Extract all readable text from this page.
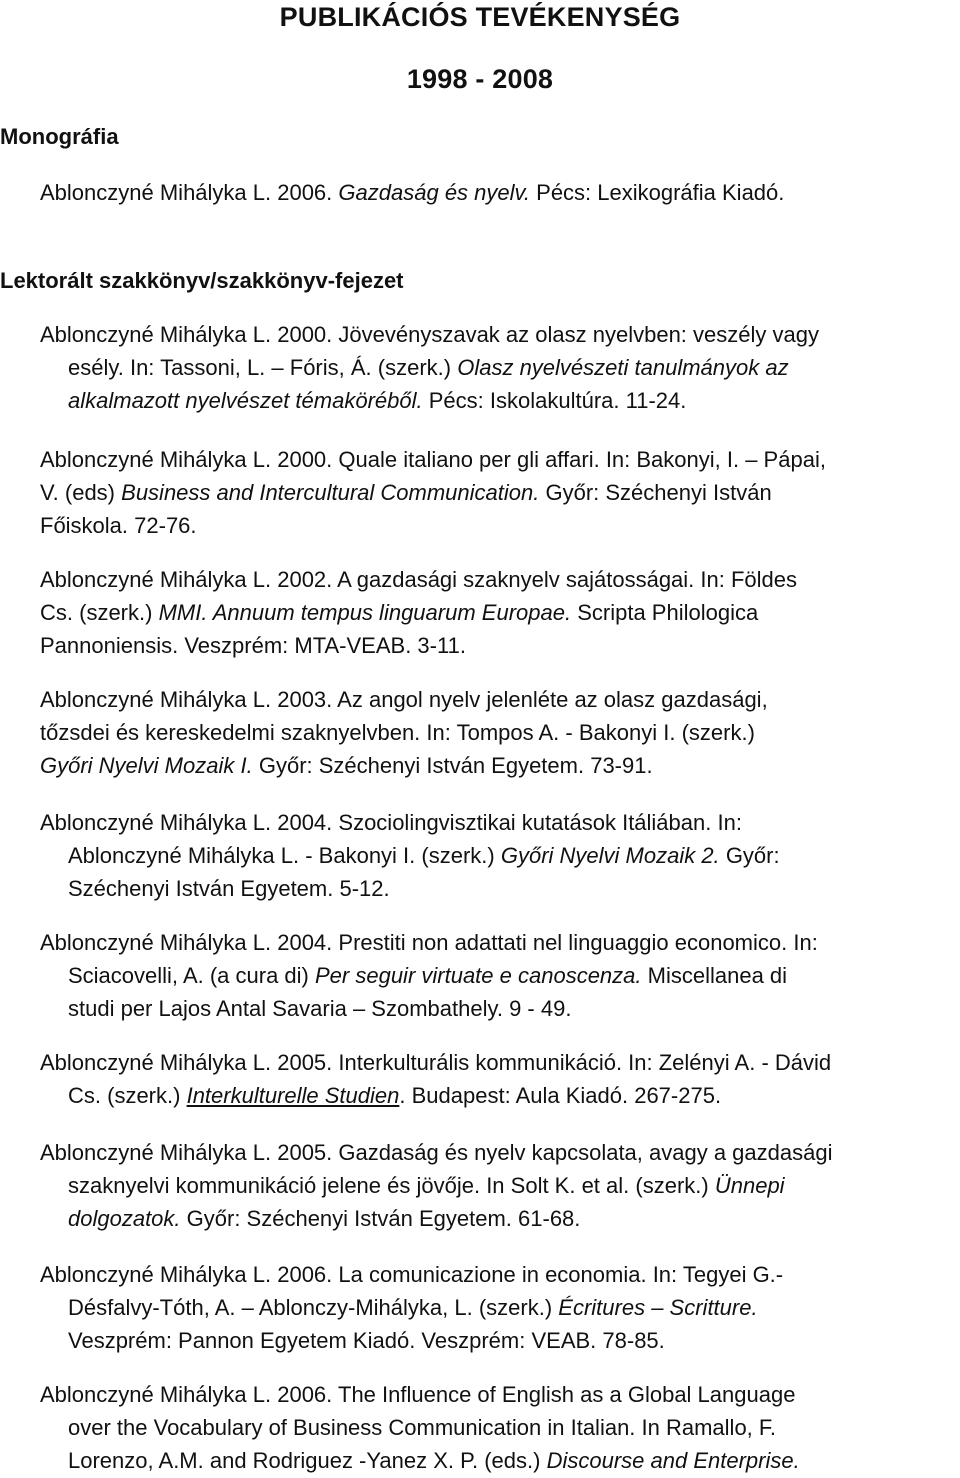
PUBLIKÁCIÓS TEVÉKENYSÉG
1998 - 2008
Monográfia
Ablonczyné Mihályka L. 2006. Gazdaság és nyelv. Pécs: Lexikográfia Kiadó.
Lektorált szakkönyv/szakkönyv-fejezet
Ablonczyné Mihályka L. 2000. Jövevényszavak az olasz nyelvben: veszély vagy
esély. In: Tassoni, L. – Fóris, Á. (szerk.) Olasz nyelvészeti tanulmányok az
alkalmazott nyelvészet témaköréből. Pécs: Iskolakultúra. 11-24.
Ablonczyné Mihályka L. 2000. Quale italiano per gli affari. In: Bakonyi, I. – Pápai,
V. (eds) Business and Intercultural Communication. Győr: Széchenyi István
Főiskola. 72-76.
Ablonczyné Mihályka L. 2002. A gazdasági szaknyelv sajátosságai. In: Földes
Cs. (szerk.) MMI. Annuum tempus linguarum Europae. Scripta Philologica
Pannoniensis. Veszprém: MTA-VEAB. 3-11.
Ablonczyné Mihályka L. 2003. Az angol nyelv jelenléte az olasz gazdasági,
tőzsdei és kereskedelmi szaknyelvben. In: Tompos A. - Bakonyi I. (szerk.)
Győri Nyelvi Mozaik I. Győr: Széchenyi István Egyetem. 73-91.
Ablonczyné Mihályka L. 2004. Szociolingvisztikai kutatások Itáliában. In:
Ablonczyné Mihályka L. - Bakonyi I. (szerk.) Győri Nyelvi Mozaik 2. Győr:
Széchenyi István Egyetem. 5-12.
Ablonczyné Mihályka L. 2004. Prestiti non adattati nel linguaggio economico. In:
Sciacovelli, A. (a cura di) Per seguir virtuate e canoscenza. Miscellanea di
studi per Lajos Antal Savaria – Szombathely. 9 - 49.
Ablonczyné Mihályka L. 2005. Interkulturális kommunikáció. In: Zelényi A. - Dávid
Cs. (szerk.) Interkulturelle Studien. Budapest: Aula Kiadó. 267-275.
Ablonczyné Mihályka L. 2005. Gazdaság és nyelv kapcsolata, avagy a gazdasági
szaknyelvi kommunikáció jelene és jövője. In Solt K. et al. (szerk.) Ünnepi
dolgozatok. Győr: Széchenyi István Egyetem. 61-68.
Ablonczyné Mihályka L. 2006. La comunicazione in economia. In: Tegyei G.-
Désfalvy-Tóth, A. – Ablonczy-Mihályka, L. (szerk.) Écritures – Scritture.
Veszprém: Pannon Egyetem Kiadó. Veszprém: VEAB. 78-85.
Ablonczyné Mihályka L. 2006. The Influence of English as a Global Language
over the Vocabulary of Business Communication in Italian. In Ramallo, F.
Lorenzo, A.M. and Rodriguez -Yanez X. P. (eds.) Discourse and Enterprise.
